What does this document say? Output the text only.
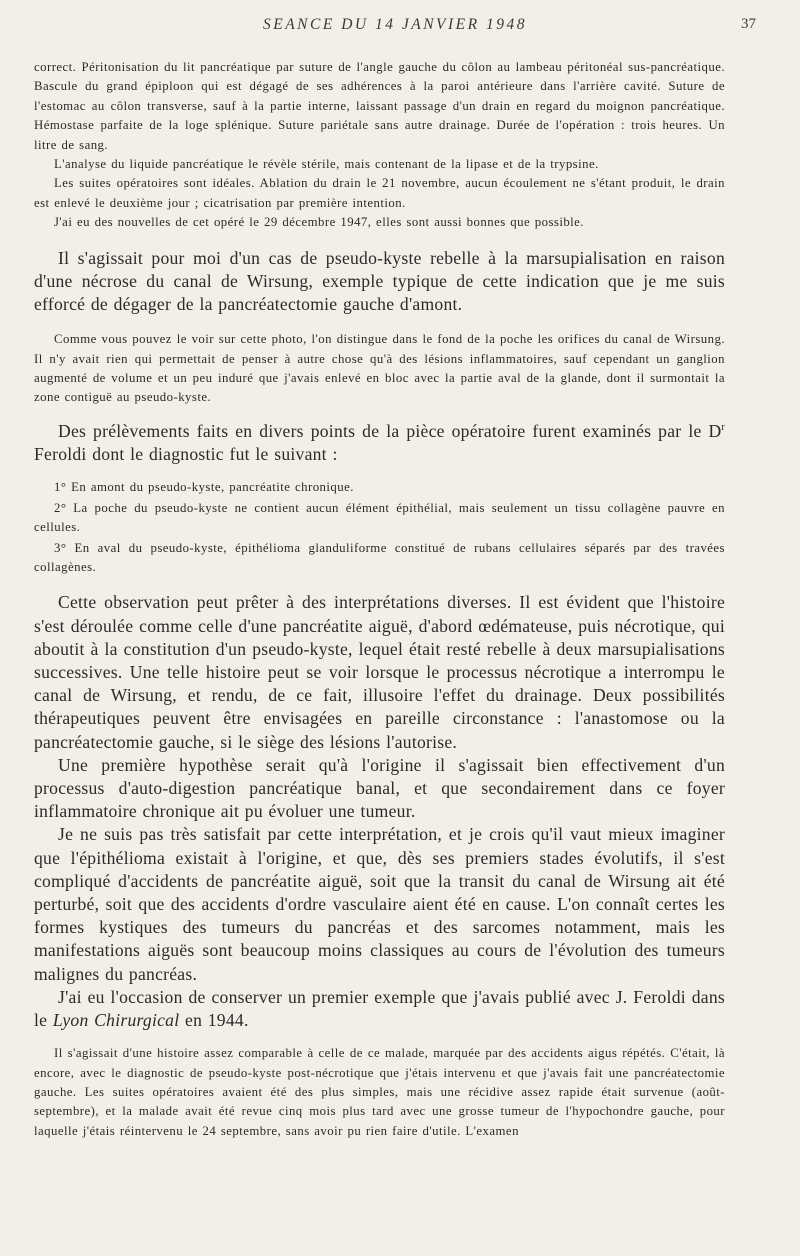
SEANCE DU 14 JANVIER 1948	37

correct. Péritonisation du lit pancréatique par suture de l'angle gauche du côlon au lambeau péritonéal sus-pancréatique. Bascule du grand épiploon qui est dégagé de ses adhérences à la paroi antérieure dans l'arrière cavité. Suture de l'estomac au côlon transverse, sauf à la partie interne, laissant passage d'un drain en regard du moignon pancréatique. Hémostase parfaite de la loge splénique. Suture pariétale sans autre drainage. Durée de l'opération : trois heures. Un litre de sang.

L'analyse du liquide pancréatique le révèle stérile, mais contenant de la lipase et de la trypsine.

Les suites opératoires sont idéales. Ablation du drain le 21 novembre, aucun écoulement ne s'étant produit, le drain est enlevé le deuxième jour ; cicatrisation par première intention.

J'ai eu des nouvelles de cet opéré le 29 décembre 1947, elles sont aussi bonnes que possible.

Il s'agissait pour moi d'un cas de pseudo-kyste rebelle à la marsupialisation en raison d'une nécrose du canal de Wirsung, exemple typique de cette indication que je me suis efforcé de dégager de la pancréatectomie gauche d'amont.

Comme vous pouvez le voir sur cette photo, l'on distingue dans le fond de la poche les orifices du canal de Wirsung. Il n'y avait rien qui permettait de penser à autre chose qu'à des lésions inflammatoires, sauf cependant un ganglion augmenté de volume et un peu induré que j'avais enlevé en bloc avec la partie aval de la glande, dont il surmontait la zone contiguë au pseudo-kyste.

Des prélèvements faits en divers points de la pièce opératoire furent examinés par le $D^r$ Feroldi dont le diagnostic fut le suivant :

1° En amont du pseudo-kyste, pancréatite chronique.

2° La poche du pseudo-kyste ne contient aucun élément épithélial, mais seulement un tissu collagène pauvre en cellules.

3° En aval du pseudo-kyste, épithélioma glanduliforme constitué de rubans cellulaires séparés par des travées collagènes.

Cette observation peut prêter à des interprétations diverses. Il est évident que l'histoire s'est déroulée comme celle d'une pancréatite aiguë, d'abord œdémateuse, puis nécrotique, qui aboutit à la constitution d'un pseudo-kyste, lequel était resté rebelle à deux marsupialisations successives. Une telle histoire peut se voir lorsque le processus nécrotique a interrompu le canal de Wirsung, et rendu, de ce fait, illusoire l'effet du drainage. Deux possibilités thérapeutiques peuvent être envisagées en pareille circonstance : l'anastomose ou la pancréatectomie gauche, si le siège des lésions l'autorise.

Une première hypothèse serait qu'à l'origine il s'agissait bien effectivement d'un processus d'auto-digestion pancréatique banal, et que secondairement dans ce foyer inflammatoire chronique ait pu évoluer une tumeur.

Je ne suis pas très satisfait par cette interprétation, et je crois qu'il vaut mieux imaginer que l'épithélioma existait à l'origine, et que, dès ses premiers stades évolutifs, il s'est compliqué d'accidents de pancréatite aiguë, soit que la transit du canal de Wirsung ait été perturbé, soit que des accidents d'ordre vasculaire aient été en cause. L'on connaît certes les formes kystiques des tumeurs du pancréas et des sarcomes notamment, mais les manifestations aiguës sont beaucoup moins classiques au cours de l'évolution des tumeurs malignes du pancréas.

J'ai eu l'occasion de conserver un premier exemple que j'avais publié avec J. Feroldi dans le Lyon Chirurgical en 1944.

Il s'agissait d'une histoire assez comparable à celle de ce malade, marquée par des accidents aigus répétés. C'était, là encore, avec le diagnostic de pseudo-kyste post-nécrotique que j'étais intervenu et que j'avais fait une pancréatectomie gauche. Les suites opératoires avaient été des plus simples, mais une récidive assez rapide était survenue (août-septembre), et la malade avait été revue cinq mois plus tard avec une grosse tumeur de l'hypochondre gauche, pour laquelle j'étais réintervenu le 24 septembre, sans avoir pu rien faire d'utile. L'examen
